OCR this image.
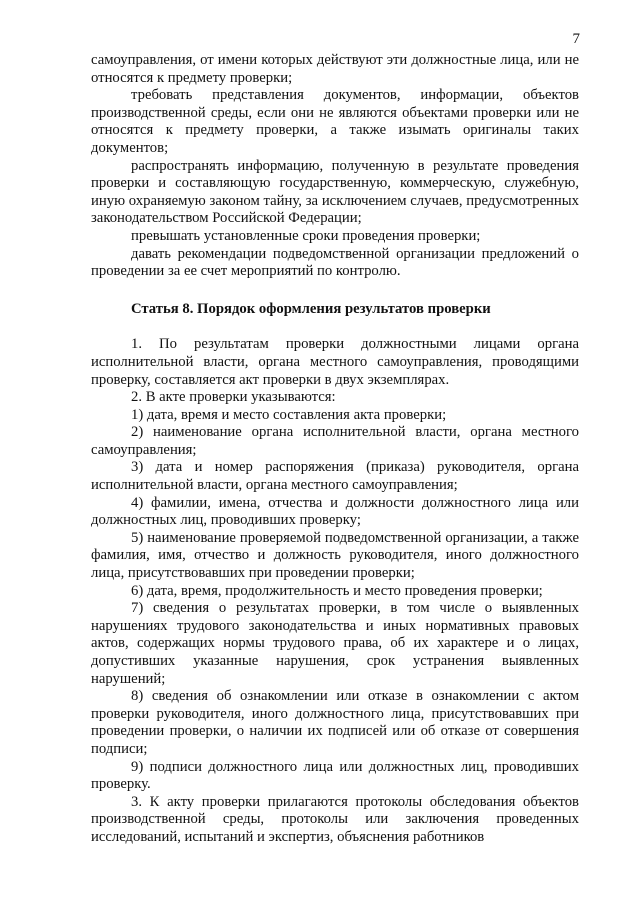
7

самоуправления, от имени которых действуют эти должностные лица, или не относятся к предмету проверки;

требовать представления документов, информации, объектов производственной среды, если они не являются объектами проверки или не относятся к предмету проверки, а также изымать оригиналы таких документов;

распространять информацию, полученную в результате проведения проверки и составляющую государственную, коммерческую, служебную, иную охраняемую законом тайну, за исключением случаев, предусмотренных законодательством Российской Федерации;

превышать установленные сроки проведения проверки;

давать рекомендации подведомственной организации предложений о проведении за ее счет мероприятий по контролю.

Статья 8. Порядок оформления результатов проверки

1. По результатам проверки должностными лицами органа исполнительной власти, органа местного самоуправления, проводящими проверку, составляется акт проверки в двух экземплярах.

2. В акте проверки указываются:

1) дата, время и место составления акта проверки;

2) наименование органа исполнительной власти, органа местного самоуправления;

3) дата и номер распоряжения (приказа) руководителя, органа исполнительной власти, органа местного самоуправления;

4) фамилии, имена, отчества и должности должностного лица или должностных лиц, проводивших проверку;

5) наименование проверяемой подведомственной организации, а также фамилия, имя, отчество и должность руководителя, иного должностного лица, присутствовавших при проведении проверки;

6) дата, время, продолжительность и место проведения проверки;

7) сведения о результатах проверки, в том числе о выявленных нарушениях трудового законодательства и иных нормативных правовых актов, содержащих нормы трудового права, об их характере и о лицах, допустивших указанные нарушения, срок устранения выявленных нарушений;

8) сведения об ознакомлении или отказе в ознакомлении с актом проверки руководителя, иного должностного лица, присутствовавших при проведении проверки, о наличии их подписей или об отказе от совершения подписи;

9) подписи должностного лица или должностных лиц, проводивших проверку.

3. К акту проверки прилагаются протоколы обследования объектов производственной среды, протоколы или заключения проведенных исследований, испытаний и экспертиз, объяснения работников
